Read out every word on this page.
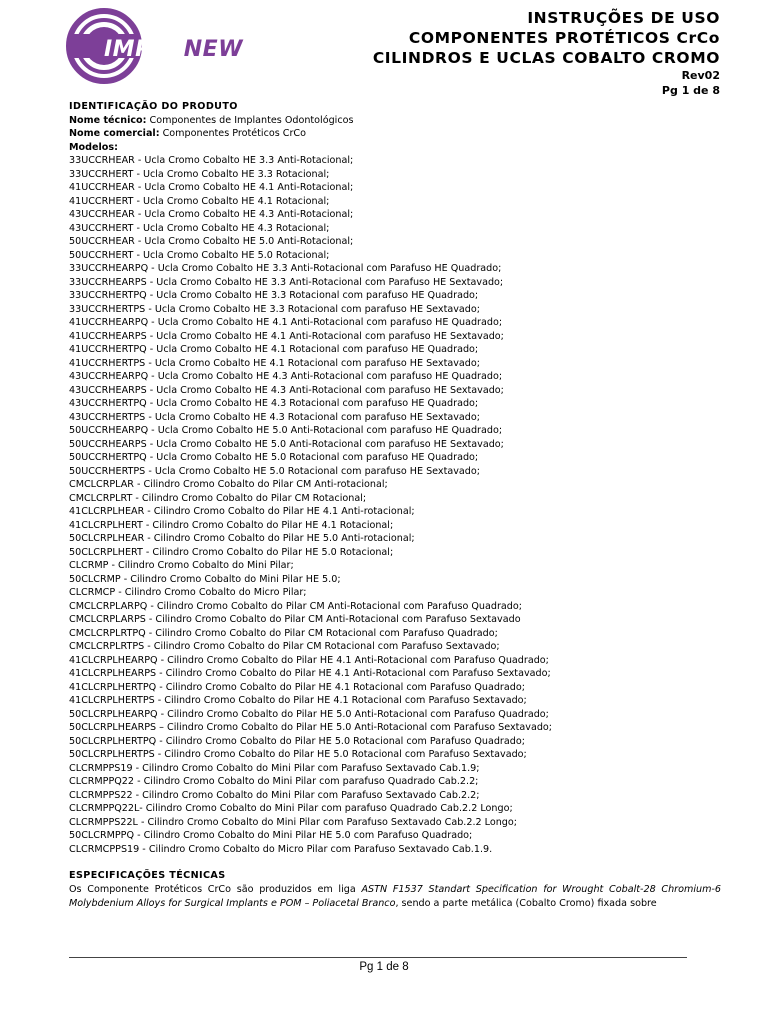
IMPLANEW
INSTRUÇÕES DE USO
COMPONENTES PROTÉTICOS CrCo
CILINDROS E UCLAS COBALTO CROMO
Rev02
Pg 1 de 8
IDENTIFICAÇÃO DO PRODUTO
Nome técnico: Componentes de Implantes Odontológicos
Nome comercial: Componentes Protéticos CrCo
Modelos:
33UCCRHEAR - Ucla Cromo Cobalto HE 3.3 Anti-Rotacional;
33UCCRHERT - Ucla Cromo Cobalto HE 3.3 Rotacional;
41UCCRHEAR - Ucla Cromo Cobalto HE 4.1 Anti-Rotacional;
41UCCRHERT - Ucla Cromo Cobalto HE 4.1 Rotacional;
43UCCRHEAR - Ucla Cromo Cobalto HE 4.3 Anti-Rotacional;
43UCCRHERT - Ucla Cromo Cobalto HE 4.3 Rotacional;
50UCCRHEAR - Ucla Cromo Cobalto HE 5.0 Anti-Rotacional;
50UCCRHERT - Ucla Cromo Cobalto HE 5.0 Rotacional;
33UCCRHEARPQ - Ucla Cromo Cobalto HE 3.3 Anti-Rotacional com Parafuso HE Quadrado;
33UCCRHEARPS - Ucla Cromo Cobalto HE 3.3 Anti-Rotacional com Parafuso HE Sextavado;
33UCCRHERTPQ - Ucla Cromo Cobalto HE 3.3 Rotacional com parafuso HE Quadrado;
33UCCRHERTPS - Ucla Cromo Cobalto HE 3.3 Rotacional com parafuso HE Sextavado;
41UCCRHEARPQ - Ucla Cromo Cobalto HE 4.1 Anti-Rotacional com parafuso HE Quadrado;
41UCCRHEARPS - Ucla Cromo Cobalto HE 4.1 Anti-Rotacional com parafuso HE Sextavado;
41UCCRHERTPQ - Ucla Cromo Cobalto HE 4.1 Rotacional com parafuso HE Quadrado;
41UCCRHERTPS - Ucla Cromo Cobalto HE 4.1 Rotacional com parafuso HE Sextavado;
43UCCRHEARPQ - Ucla Cromo Cobalto HE 4.3 Anti-Rotacional com parafuso HE Quadrado;
43UCCRHEARPS - Ucla Cromo Cobalto HE 4.3 Anti-Rotacional com parafuso HE Sextavado;
43UCCRHERTPQ - Ucla Cromo Cobalto HE 4.3 Rotacional com parafuso HE Quadrado;
43UCCRHERTPS - Ucla Cromo Cobalto HE 4.3 Rotacional com parafuso HE Sextavado;
50UCCRHEARPQ - Ucla Cromo Cobalto HE 5.0 Anti-Rotacional com parafuso HE Quadrado;
50UCCRHEARPS - Ucla Cromo Cobalto HE 5.0 Anti-Rotacional com parafuso HE Sextavado;
50UCCRHERTPQ - Ucla Cromo Cobalto HE 5.0 Rotacional com parafuso HE Quadrado;
50UCCRHERTPS - Ucla Cromo Cobalto HE 5.0 Rotacional com parafuso HE Sextavado;
CMCLCRPLAR - Cilindro Cromo Cobalto do Pilar CM Anti-rotacional;
CMCLCRPLRT - Cilindro Cromo Cobalto do Pilar CM Rotacional;
41CLCRPLHEAR - Cilindro Cromo Cobalto do Pilar HE 4.1 Anti-rotacional;
41CLCRPLHERT - Cilindro Cromo Cobalto do Pilar HE 4.1 Rotacional;
50CLCRPLHEAR - Cilindro Cromo Cobalto do Pilar HE 5.0 Anti-rotacional;
50CLCRPLHERT - Cilindro Cromo Cobalto do Pilar HE 5.0 Rotacional;
CLCRMP - Cilindro Cromo Cobalto do Mini Pilar;
50CLCRMP - Cilindro Cromo Cobalto do Mini Pilar HE 5.0;
CLCRMCP - Cilindro Cromo Cobalto do Micro Pilar;
CMCLCRPLARPQ - Cilindro Cromo Cobalto do Pilar CM Anti-Rotacional com Parafuso Quadrado;
CMCLCRPLARPS - Cilindro Cromo Cobalto do Pilar CM Anti-Rotacional com Parafuso Sextavado
CMCLCRPLRTPQ - Cilindro Cromo Cobalto do Pilar CM Rotacional com Parafuso Quadrado;
CMCLCRPLRTPS - Cilindro Cromo Cobalto do Pilar CM Rotacional com Parafuso Sextavado;
41CLCRPLHEARPQ - Cilindro Cromo Cobalto do Pilar HE 4.1 Anti-Rotacional com Parafuso Quadrado;
41CLCRPLHEARPS - Cilindro Cromo Cobalto do Pilar HE 4.1 Anti-Rotacional com Parafuso Sextavado;
41CLCRPLHERTPQ - Cilindro Cromo Cobalto do Pilar HE 4.1 Rotacional com Parafuso Quadrado;
41CLCRPLHERTPS - Cilindro Cromo Cobalto do Pilar HE 4.1 Rotacional com Parafuso Sextavado;
50CLCRPLHEARPQ - Cilindro Cromo Cobalto do Pilar HE 5.0 Anti-Rotacional com Parafuso Quadrado;
50CLCRPLHEARPS – Cilindro Cromo Cobalto do Pilar HE 5.0 Anti-Rotacional com Parafuso Sextavado;
50CLCRPLHERTPQ - Cilindro Cromo Cobalto do Pilar HE 5.0 Rotacional com Parafuso Quadrado;
50CLCRPLHERTPS - Cilindro Cromo Cobalto do Pilar HE 5.0 Rotacional com Parafuso Sextavado;
CLCRMPPS19 - Cilindro Cromo Cobalto do Mini Pilar com Parafuso Sextavado Cab.1.9;
CLCRMPPQ22 - Cilindro Cromo Cobalto do Mini Pilar com parafuso Quadrado Cab.2.2;
CLCRMPPS22 - Cilindro Cromo Cobalto do Mini Pilar com Parafuso Sextavado Cab.2.2;
CLCRMPPQ22L- Cilindro Cromo Cobalto do Mini Pilar com parafuso Quadrado Cab.2.2 Longo;
CLCRMPPS22L - Cilindro Cromo Cobalto do Mini Pilar com Parafuso Sextavado Cab.2.2 Longo;
50CLCRMPPQ - Cilindro Cromo Cobalto do Mini Pilar HE 5.0 com Parafuso Quadrado;
CLCRMCPPS19 - Cilindro Cromo Cobalto do Micro Pilar com Parafuso Sextavado Cab.1.9.
ESPECIFICAÇÕES TÉCNICAS
Os Componente Protéticos CrCo são produzidos em liga ASTN F1537 Standart Specification for Wrought Cobalt-28 Chromium-6 Molybdenium Alloys for Surgical Implants e POM – Poliacetal Branco, sendo a parte metálica (Cobalto Cromo) fixada sobre
Pg 1 de 8
